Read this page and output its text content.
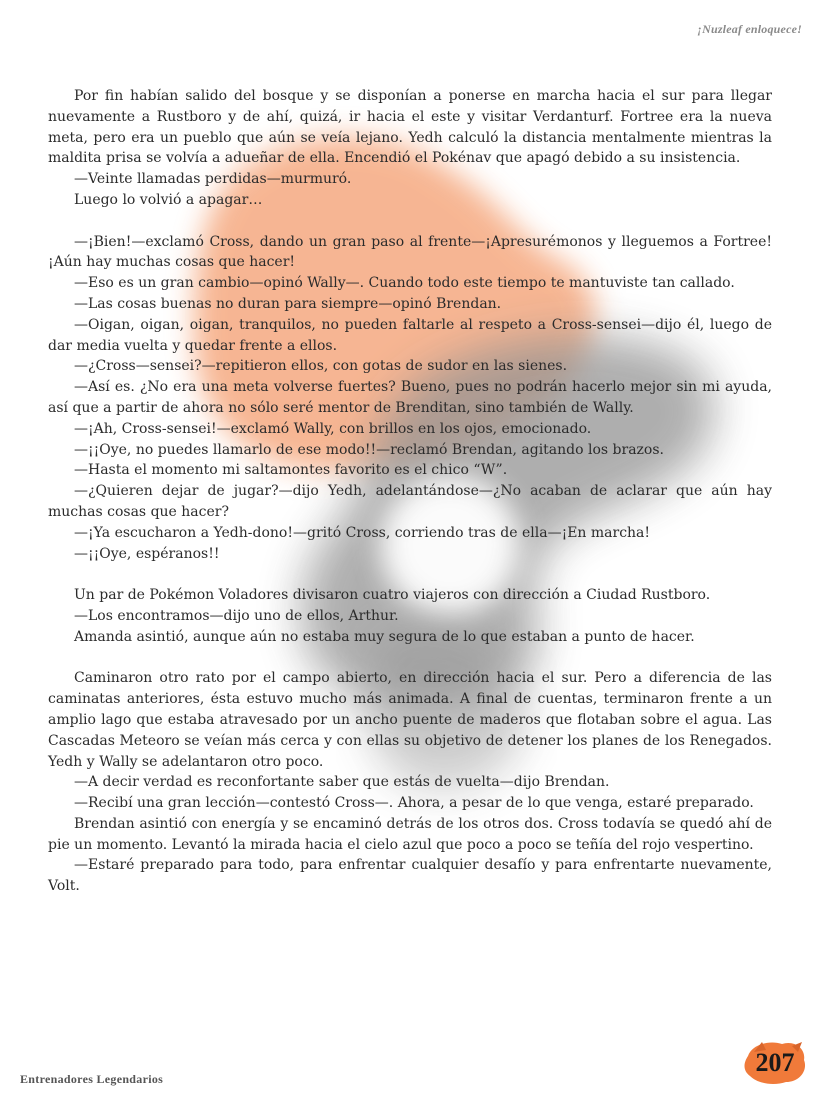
¡Nuzleaf enloquece!

Por fin habían salido del bosque y se disponían a ponerse en marcha hacia el sur para llegar nuevamente a Rustboro y de ahí, quizá, ir hacia el este y visitar Verdanturf. Fortree era la nueva meta, pero era un pueblo que aún se veía lejano. Yedh calculó la distancia mentalmente mientras la maldita prisa se volvía a adueñar de ella. Encendió el Pokénav que apagó debido a su insistencia.

—Veinte llamadas perdidas—murmuró.

Luego lo volvió a apagar…

—¡Bien!—exclamó Cross, dando un gran paso al frente—¡Apresurémonos y lleguemos a Fortree! ¡Aún hay muchas cosas que hacer!

—Eso es un gran cambio—opinó Wally—. Cuando todo este tiempo te mantuviste tan callado.

—Las cosas buenas no duran para siempre—opinó Brendan.

—Oigan, oigan, oigan, tranquilos, no pueden faltarle al respeto a Cross-sensei—dijo él, luego de dar media vuelta y quedar frente a ellos.

—¿Cross—sensei?—repitieron ellos, con gotas de sudor en las sienes.

—Así es. ¿No era una meta volverse fuertes? Bueno, pues no podrán hacerlo mejor sin mi ayuda, así que a partir de ahora no sólo seré mentor de Brenditan, sino también de Wally.

—¡Ah, Cross-sensei!—exclamó Wally, con brillos en los ojos, emocionado.

—¡¡Oye, no puedes llamarlo de ese modo!!—reclamó Brendan, agitando los brazos.

—Hasta el momento mi saltamontes favorito es el chico “W”.

—¿Quieren dejar de jugar?—dijo Yedh, adelantándose—¿No acaban de aclarar que aún hay muchas cosas que hacer?

—¡Ya escucharon a Yedh-dono!—gritó Cross, corriendo tras de ella—¡En marcha!

—¡¡Oye, espéranos!!

Un par de Pokémon Voladores divisaron cuatro viajeros con dirección a Ciudad Rustboro.

—Los encontramos—dijo uno de ellos, Arthur.

Amanda asintió, aunque aún no estaba muy segura de lo que estaban a punto de hacer.

Caminaron otro rato por el campo abierto, en dirección hacia el sur. Pero a diferencia de las caminatas anteriores, ésta estuvo mucho más animada. A final de cuentas, terminaron frente a un amplio lago que estaba atravesado por un ancho puente de maderos que flotaban sobre el agua. Las Cascadas Meteoro se veían más cerca y con ellas su objetivo de detener los planes de los Renegados. Yedh y Wally se adelantaron otro poco.

—A decir verdad es reconfortante saber que estás de vuelta—dijo Brendan.

—Recibí una gran lección—contestó Cross—. Ahora, a pesar de lo que venga, estaré preparado.

Brendan asintió con energía y se encaminó detrás de los otros dos. Cross todavía se quedó ahí de pie un momento. Levantó la mirada hacia el cielo azul que poco a poco se teñía del rojo vespertino.

—Estaré preparado para todo, para enfrentar cualquier desafío y para enfrentarte nuevamente, Volt.

Entrenadores Legendarios
207
